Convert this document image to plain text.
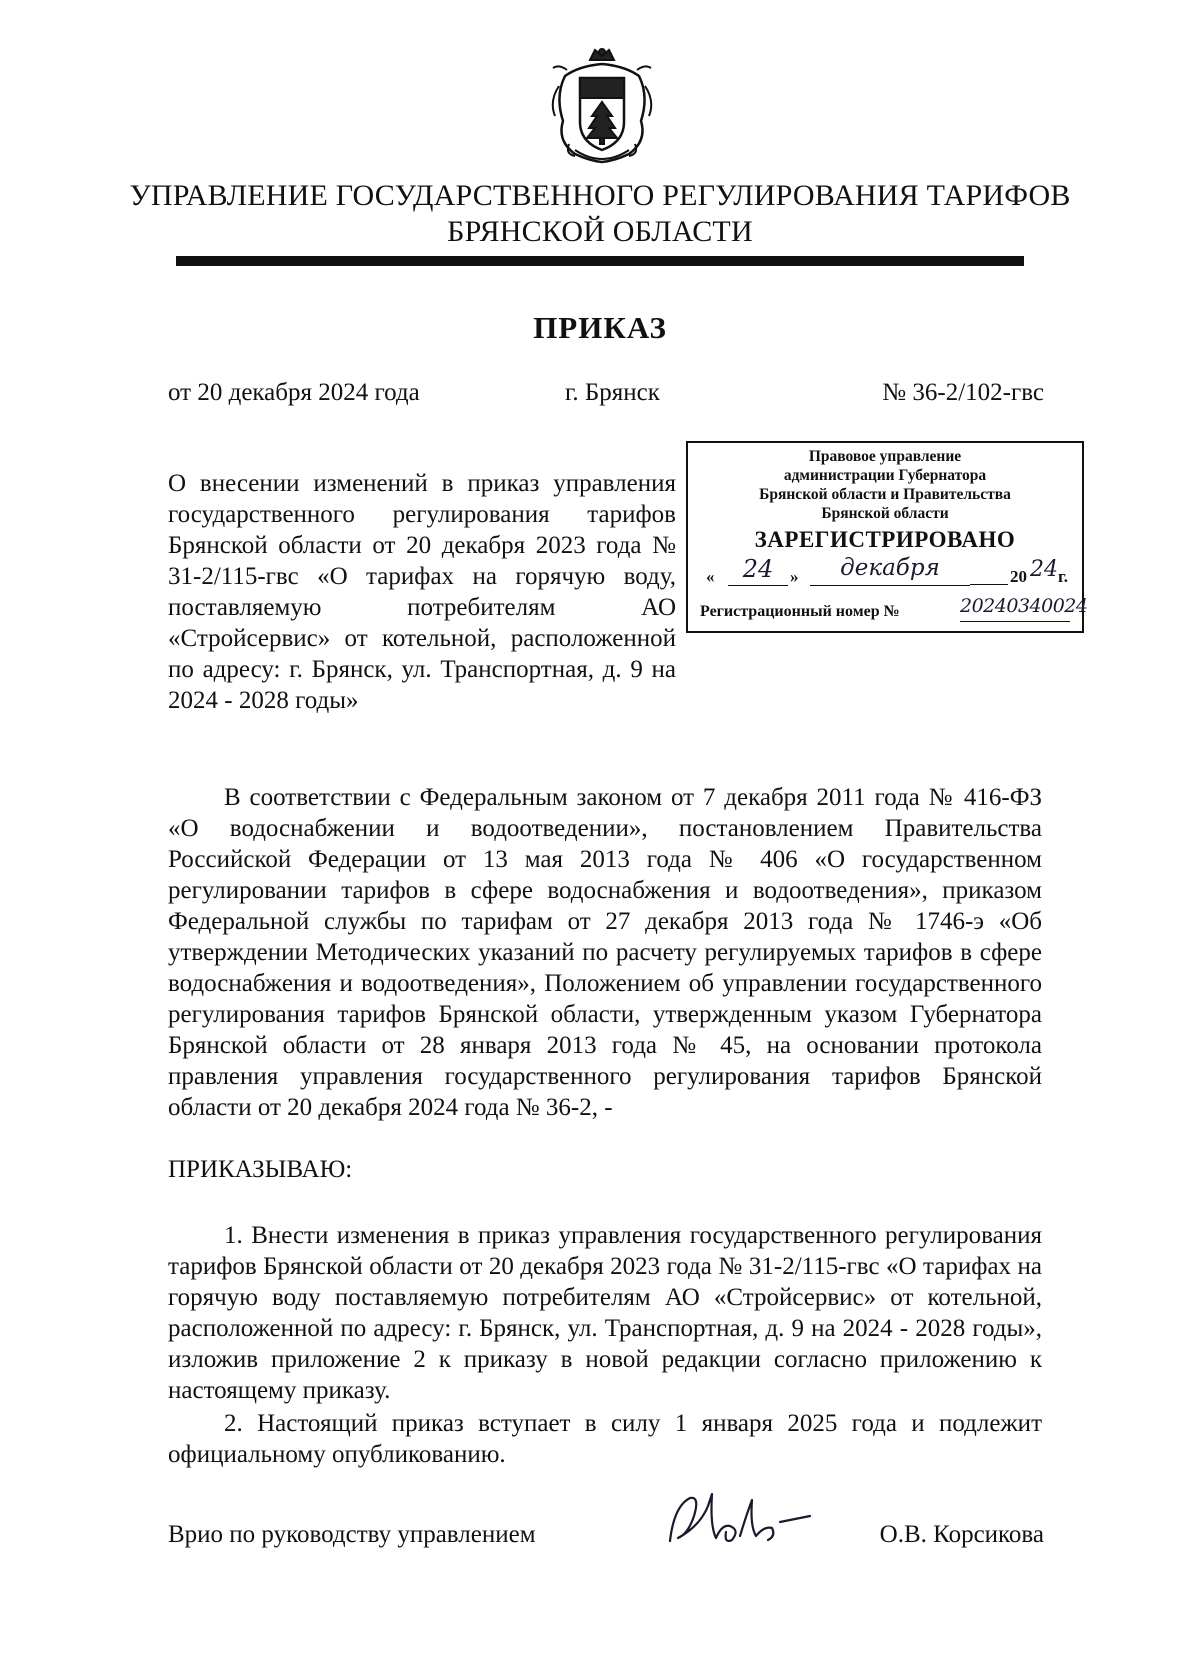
УПРАВЛЕНИЕ ГОСУДАРСТВЕННОГО РЕГУЛИРОВАНИЯ ТАРИФОВ
БРЯНСКОЙ ОБЛАСТИ
ПРИКАЗ
от 20 декабря 2024 года	г. Брянск	№ 36-2/102-гвс
Правовое управление
администрации Губернатора
Брянской области и Правительства
Брянской области
ЗАРЕГИСТРИРОВАНО
«	24 »	декабря	20 24 г.
Регистрационный номер №	20240340024
О внесении изменений в приказ управления государственного регулирования тарифов Брянской области от 20 декабря 2023 года № 31-2/115-гвс «О тарифах на горячую воду, поставляемую потребителям АО «Стройсервис» от котельной, расположенной по адресу: г. Брянск, ул. Транспортная, д. 9 на 2024 - 2028 годы»

В соответствии с Федеральным законом от 7 декабря 2011 года № 416-ФЗ «О водоснабжении и водоотведении», постановлением Правительства Российской Федерации от 13 мая 2013 года № 406 «О государственном регулировании тарифов в сфере водоснабжения и водоотведения», приказом Федеральной службы по тарифам от 27 декабря 2013 года № 1746-э «Об утверждении Методических указаний по расчету регулируемых тарифов в сфере водоснабжения и водоотведения», Положением об управлении государственного регулирования тарифов Брянской области, утвержденным указом Губернатора Брянской области от 28 января 2013 года № 45, на основании протокола правления управления государственного регулирования тарифов Брянской области от 20 декабря 2024 года № 36-2, -

ПРИКАЗЫВАЮ:

1. Внести изменения в приказ управления государственного регулирования тарифов Брянской области от 20 декабря 2023 года № 31-2/115-гвс «О тарифах на горячую воду поставляемую потребителям АО «Стройсервис» от котельной, расположенной по адресу: г. Брянск, ул. Транспортная, д. 9 на 2024 - 2028 годы», изложив приложение 2 к приказу в новой редакции согласно приложению к настоящему приказу.

2. Настоящий приказ вступает в силу 1 января 2025 года и подлежит официальному опубликованию.

Врио по руководству управлением	О.В. Корсикова
